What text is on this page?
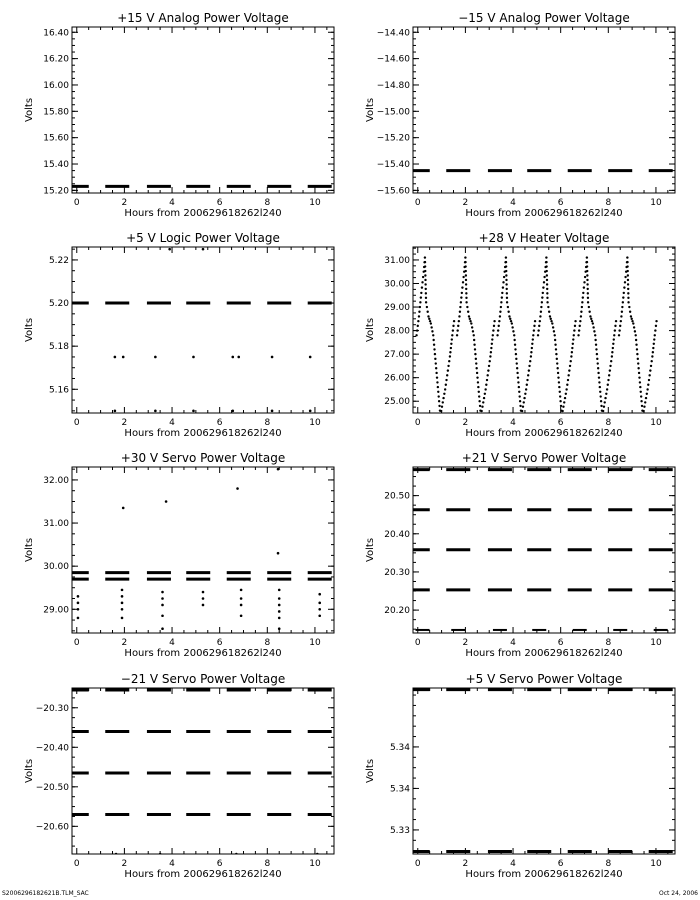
+15 V Analog Power Voltage
0	2	4	6	8	10
15.20
15.40
15.60
15.80
16.00
16.20
16.40
Hours from 200629618262l240
Volts
−15 V Analog Power Voltage
0	2	4	6	8	10
−15.60
−15.40
−15.20
−15.00
−14.80
−14.60
−14.40
Hours from 200629618262l240
Volts
+5 V Logic Power Voltage
0	2	4	6	8	10
5.16
5.18
5.20
5.22
Hours from 200629618262l240
Volts
+28 V Heater Voltage
0	2	4	6	8	10
25.00
26.00
27.00
28.00
29.00
30.00
31.00
Hours from 200629618262l240
Volts
+30 V Servo Power Voltage
0	2	4	6	8	10
29.00
30.00
31.00
32.00
Hours from 200629618262l240
Volts
+21 V Servo Power Voltage
0	2	4	6	8	10
20.20
20.30
20.40
20.50
Hours from 200629618262l240
Volts
−21 V Servo Power Voltage
0	2	4	6	8	10
−20.60
−20.50
−20.40
−20.30
Hours from 200629618262l240
Volts
+5 V Servo Power Voltage
0	2	4	6	8	10
5.33
5.34
5.34
Hours from 200629618262l240
Volts
S2006296182621B.TLM_SAC	Oct 24, 2006
